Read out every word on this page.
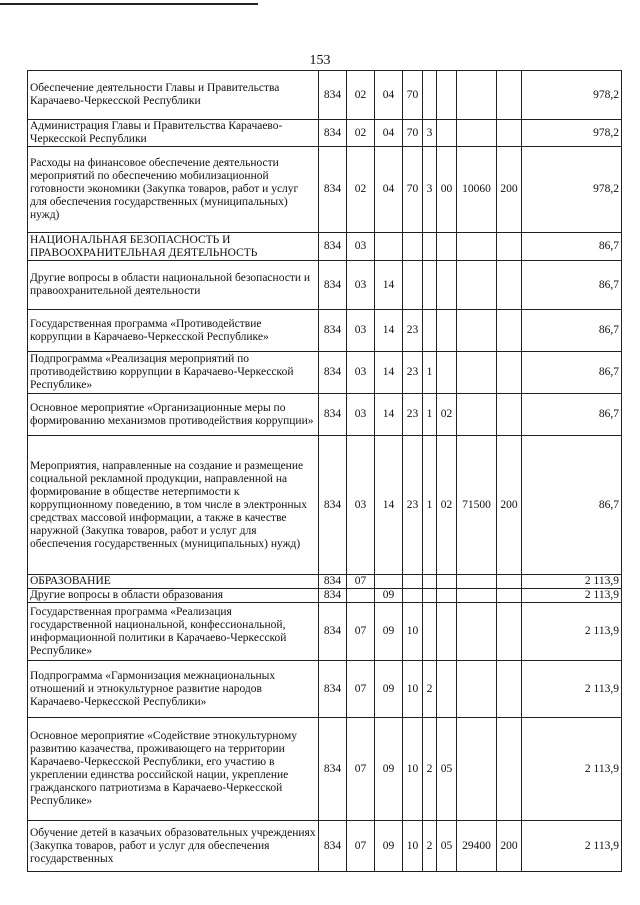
153
Обеспечение деятельности Главы и Правительства Карачаево-Черкесской Республики	834	02	04	70					978,2
Администрация Главы и Правительства Карачаево-Черкесской Республики	834	02	04	70	3				978,2
Расходы на финансовое обеспечение деятельности мероприятий по обеспечению мобилизационной готовности экономики (Закупка товаров, работ и услуг для обеспечения государственных (муниципальных) нужд)	834	02	04	70	3	00	10060	200	978,2
НАЦИОНАЛЬНАЯ БЕЗОПАСНОСТЬ И ПРАВООХРАНИТЕЛЬНАЯ ДЕЯТЕЛЬНОСТЬ	834	03							86,7
Другие вопросы в области национальной безопасности и правоохранительной деятельности	834	03	14						86,7
Государственная программа «Противодействие коррупции в Карачаево-Черкесской Республике»	834	03	14	23					86,7
Подпрограмма «Реализация мероприятий по противодействию коррупции в Карачаево-Черкесской Республике»	834	03	14	23	1				86,7
Основное мероприятие «Организационные меры по формированию механизмов противодействия коррупции»	834	03	14	23	1	02			86,7
Мероприятия, направленные на создание и размещение социальной рекламной продукции, направленной на формирование в обществе нетерпимости к коррупционному поведению, в том числе в электронных средствах массовой информации, а также в качестве наружной (Закупка товаров, работ и услуг для обеспечения государственных (муниципальных) нужд)	834	03	14	23	1	02	71500	200	86,7
ОБРАЗОВАНИЕ	834	07							2 113,9
Другие вопросы в области образования	834		09						2 113,9
Государственная программа «Реализация государственной национальной, конфессиональной, информационной политики в Карачаево-Черкесской Республике»	834	07	09	10					2 113,9
Подпрограмма «Гармонизация межнациональных отношений и этнокультурное развитие народов Карачаево-Черкесской Республики»	834	07	09	10	2				2 113,9
Основное мероприятие «Содействие этнокультурному развитию казачества, проживающего на территории Карачаево-Черкесской Республики, его участию в укреплении единства российской нации, укрепление гражданского патриотизма в Карачаево-Черкесской Республике»	834	07	09	10	2	05			2 113,9
Обучение детей в казачьих образовательных учреждениях (Закупка товаров, работ и услуг для обеспечения государственных	834	07	09	10	2	05	29400	200	2 113,9
